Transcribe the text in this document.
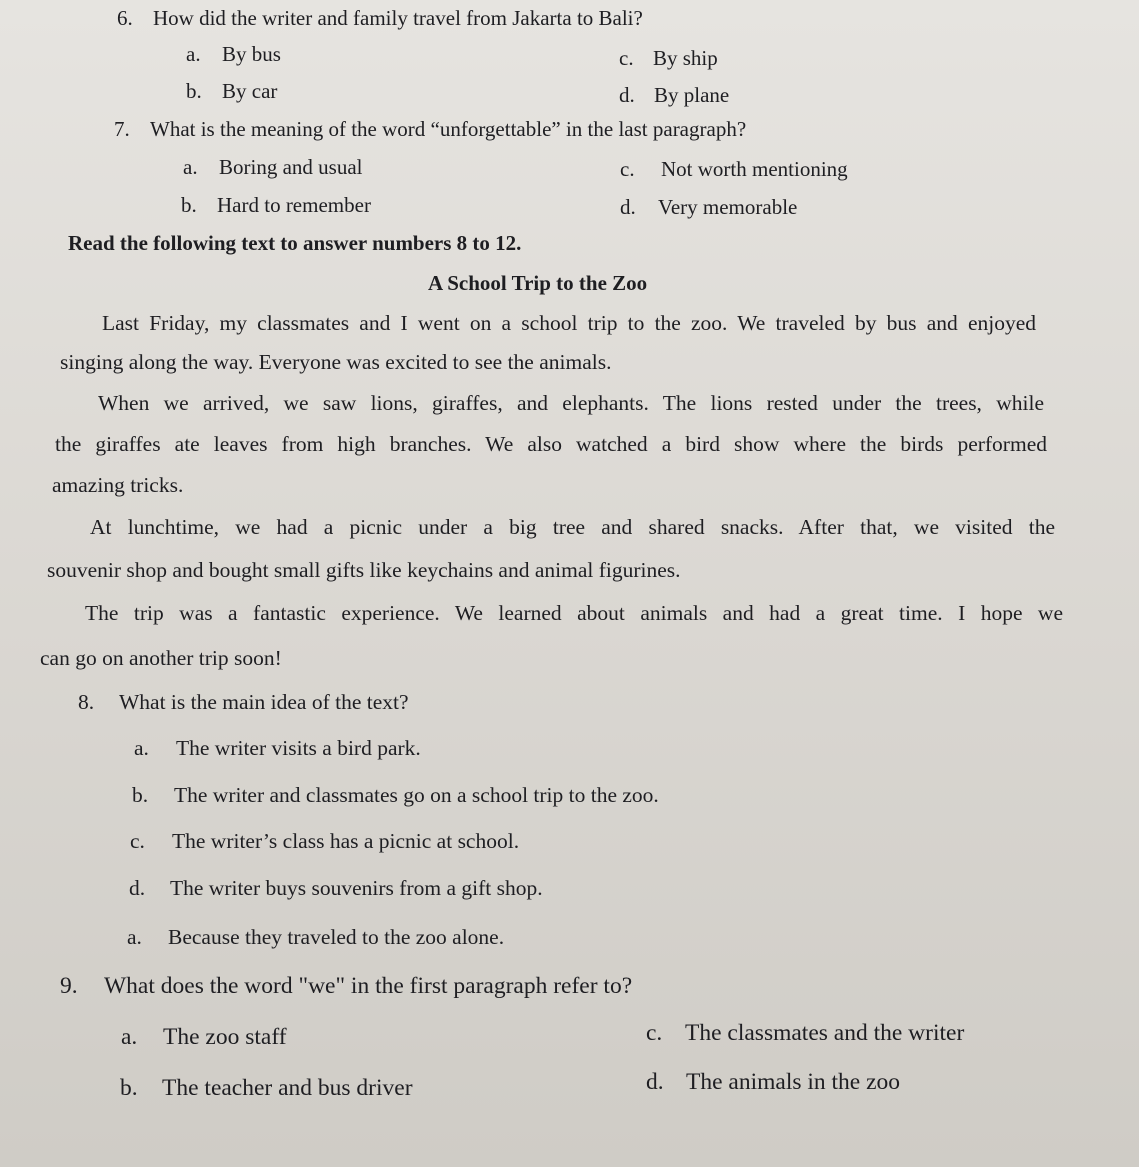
6. How did the writer and family travel from Jakarta to Bali?
a. By bus
b. By car
c. By ship
d. By plane
7. What is the meaning of the word “unforgettable” in the last paragraph?
a. Boring and usual
b. Hard to remember
c. Not worth mentioning
d. Very memorable
Read the following text to answer numbers 8 to 12.
A School Trip to the Zoo
Last Friday, my classmates and I went on a school trip to the zoo. We traveled by bus and enjoyed
singing along the way. Everyone was excited to see the animals.
When we arrived, we saw lions, giraffes, and elephants. The lions rested under the trees, while
the giraffes ate leaves from high branches. We also watched a bird show where the birds performed
amazing tricks.
At lunchtime, we had a picnic under a big tree and shared snacks. After that, we visited the
souvenir shop and bought small gifts like keychains and animal figurines.
The trip was a fantastic experience. We learned about animals and had a great time. I hope we
can go on another trip soon!
8. What is the main idea of the text?
a. The writer visits a bird park.
b. The writer and classmates go on a school trip to the zoo.
c. The writer’s class has a picnic at school.
d. The writer buys souvenirs from a gift shop.
a. Because they traveled to the zoo alone.
9. What does the word "we" in the first paragraph refer to?
a. The zoo staff
b. The teacher and bus driver
c. The classmates and the writer
d. The animals in the zoo
